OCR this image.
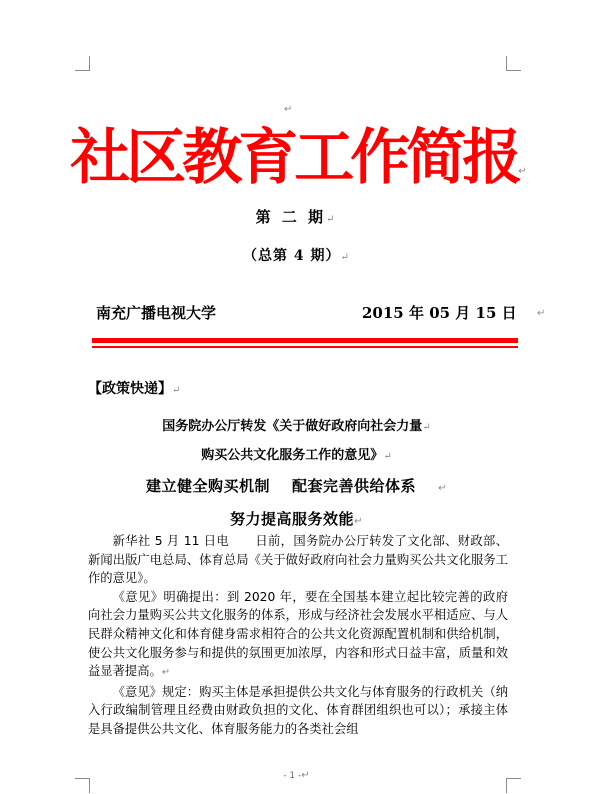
↵
社区教育工作简报↵
第 二 期↵
（总第 4 期）↵
南充广播电视大学	2015 年 05 月 15 日 ↵
【政策快递】↵
国务院办公厅转发《关于做好政府向社会力量↵
购买公共文化服务工作的意见》↵
建立健全购买机制 配套完善供给体系 ↵
努力提高服务效能↵

新华社 5 月 11 日电 日前，国务院办公厅转发了文化部、财政部、新闻出版广电总局、体育总局《关于做好政府向社会力量购买公共文化服务工作的意见》。

《意见》明确提出：到 2020 年，要在全国基本建立起比较完善的政府向社会力量购买公共文化服务的体系，形成与经济社会发展水平相适应、与人民群众精神文化和体育健身需求相符合的公共文化资源配置机制和供给机制，使公共文化服务参与和提供的氛围更加浓厚，内容和形式日益丰富，质量和效益显著提高。↵

《意见》规定：购买主体是承担提供公共文化与体育服务的行政机关（纳入行政编制管理且经费由财政负担的文化、体育群团组织也可以）；承接主体是具备提供公共文化、体育服务能力的各类社会组

- 1 -↵
